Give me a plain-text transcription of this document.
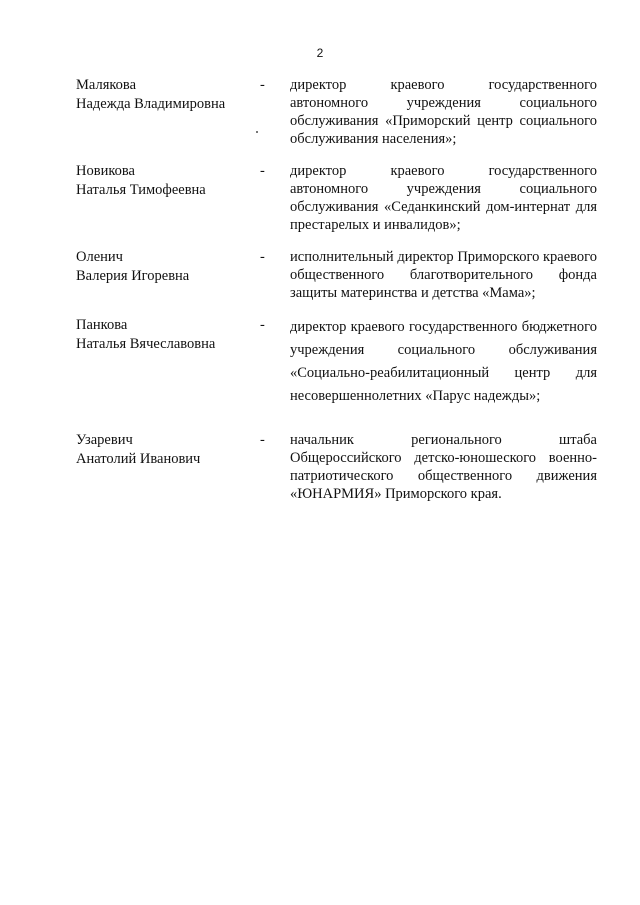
2
Малякова
Надежда Владимировна
- директор краевого государственного автономного учреждения социального обслуживания «Приморский центр социального обслуживания населения»;
Новикова
Наталья Тимофеевна
- директор краевого государственного автономного учреждения социального обслуживания «Седанкинский дом-интернат для престарелых и инвалидов»;
Оленич
Валерия Игоревна
- исполнительный директор Приморского краевого общественного благотворительного фонда защиты материнства и детства «Мама»;
Панкова
Наталья Вячеславовна
- директор краевого государственного бюджетного учреждения социального обслуживания «Социально-реабилитационный центр для несовершеннолетних «Парус надежды»;
Узаревич
Анатолий Иванович
- начальник регионального штаба Общероссийского детско-юношеского военно-патриотического общественного движения «ЮНАРМИЯ» Приморского края.
